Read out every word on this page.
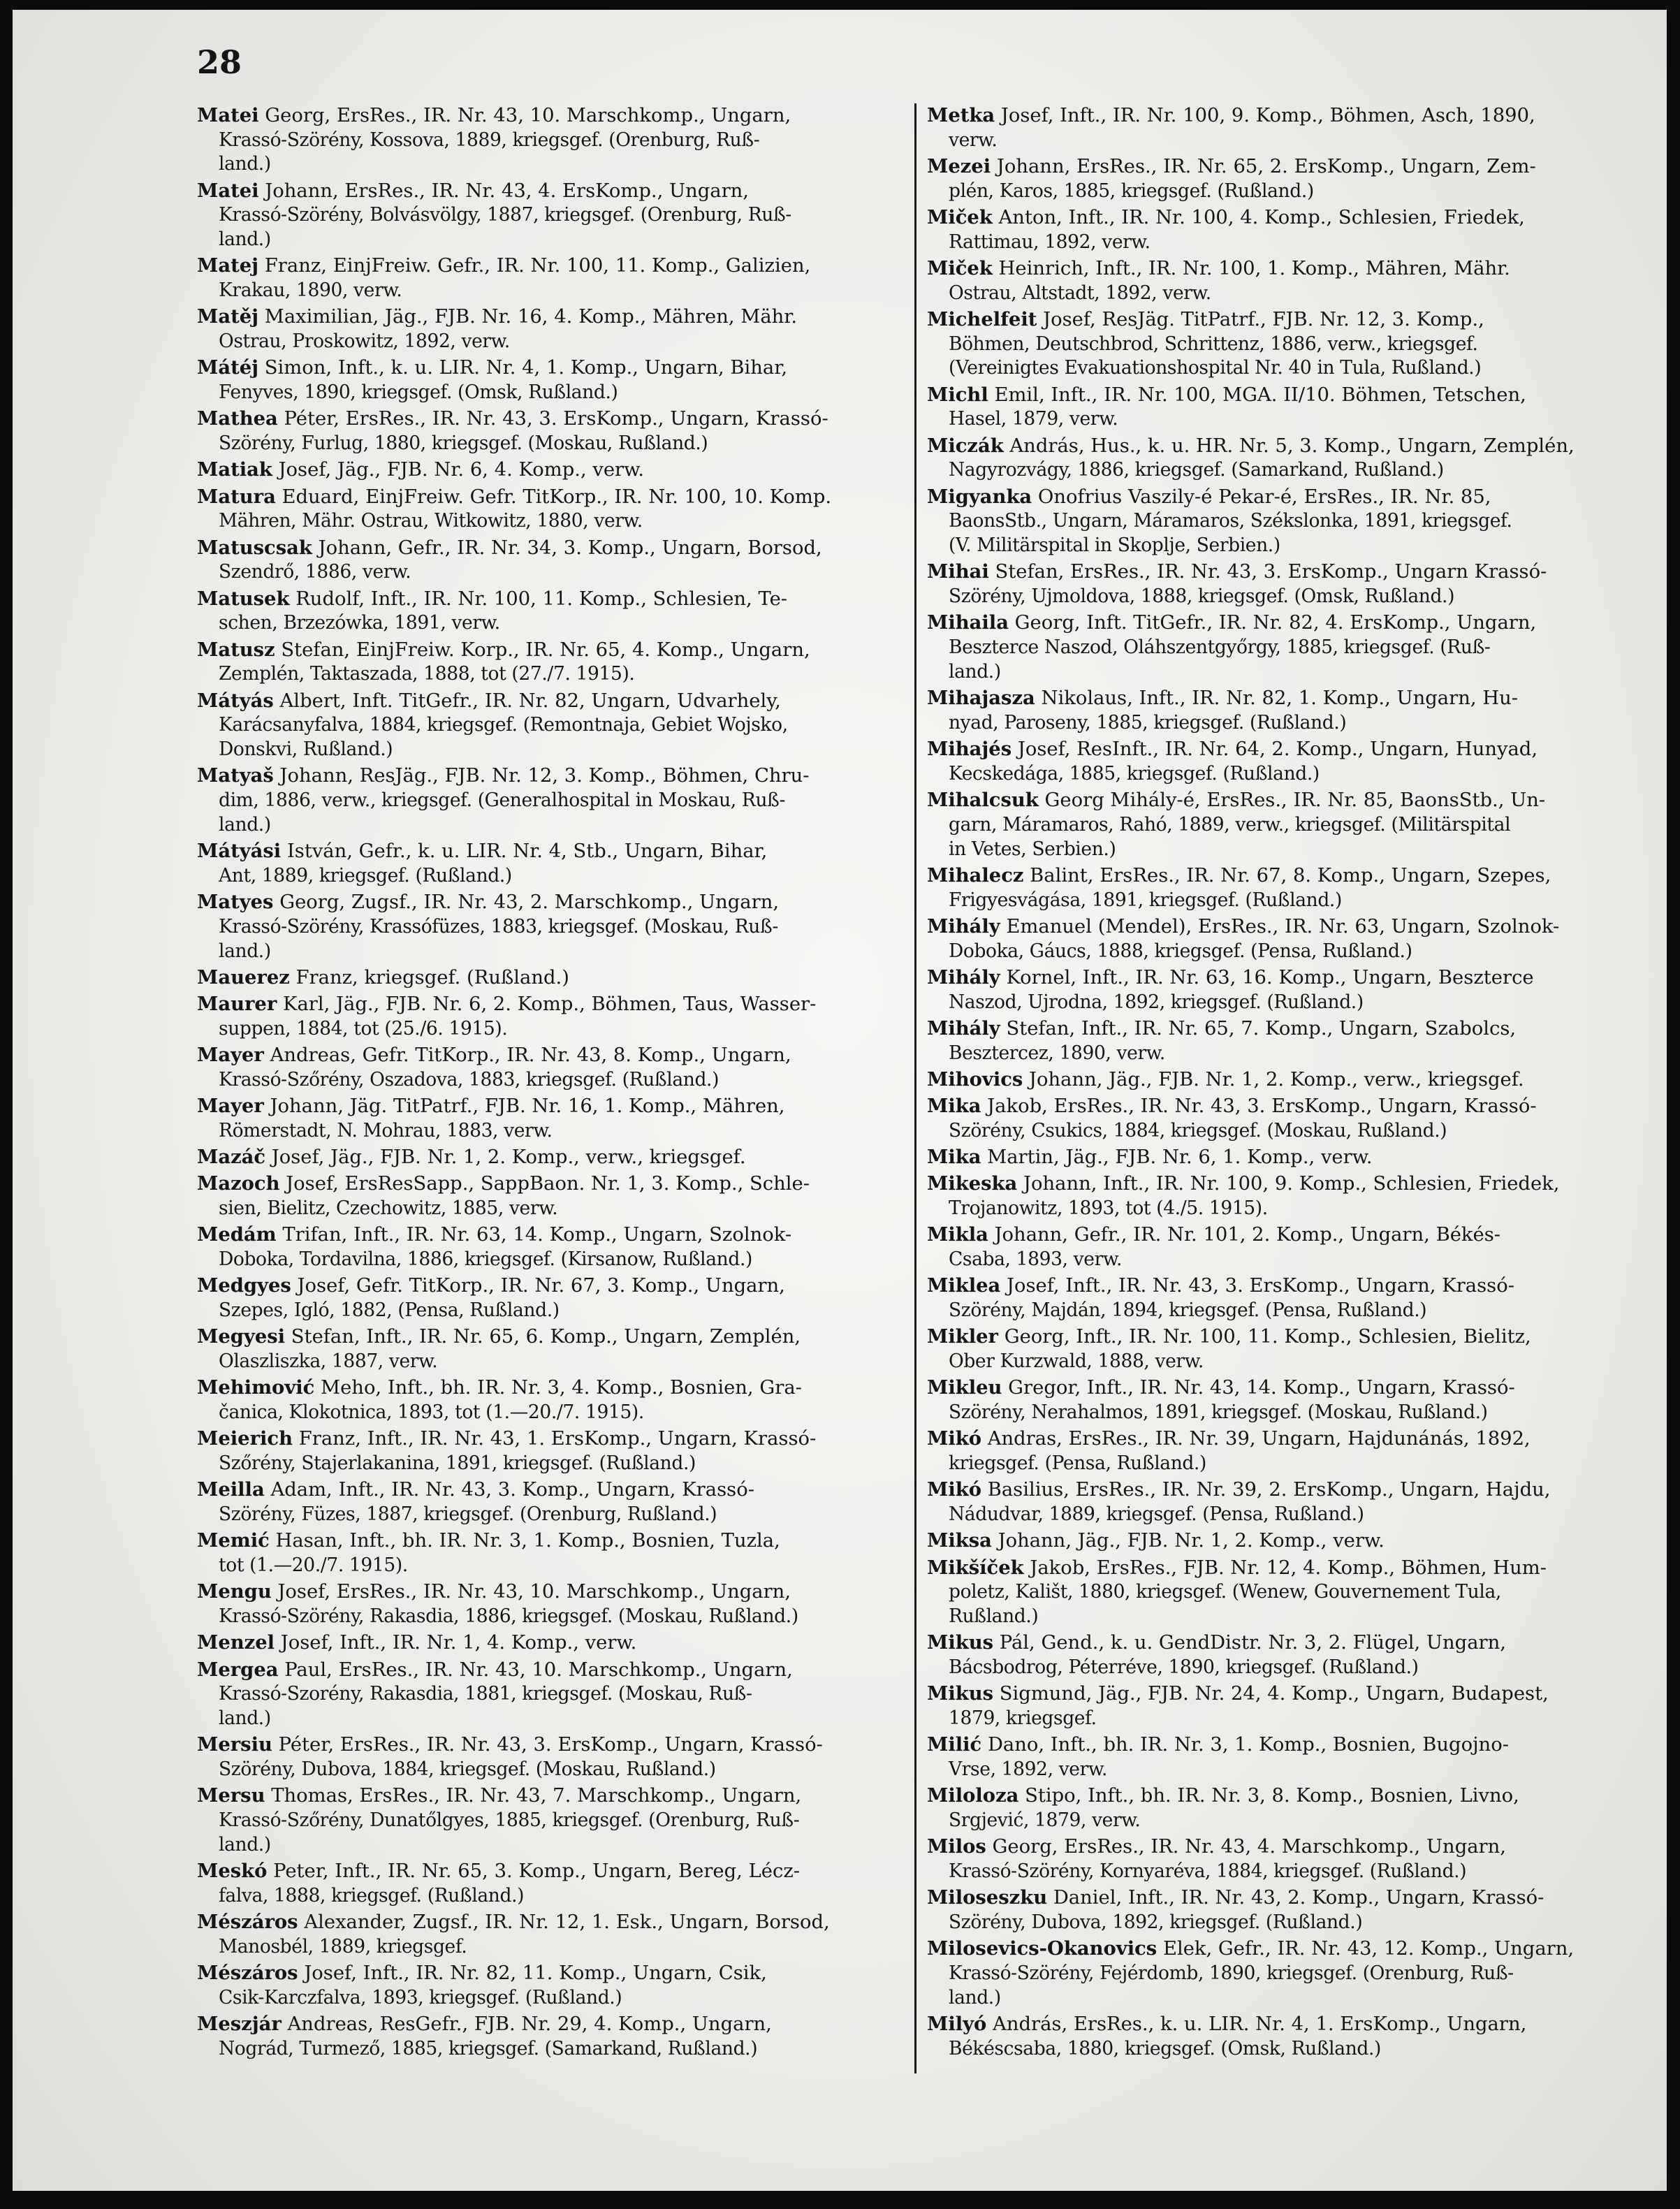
28
Matei Georg, ErsRes., IR. Nr. 43, 10. Marschkomp., Ungarn,
Krassó-Szörény, Kossova, 1889, kriegsgef. (Orenburg, Ruß-
land.)
Matei Johann, ErsRes., IR. Nr. 43, 4. ErsKomp., Ungarn,
Krassó-Szörény, Bolvásvölgy, 1887, kriegsgef. (Orenburg, Ruß-
land.)
Matej Franz, EinjFreiw. Gefr., IR. Nr. 100, 11. Komp., Galizien,
Krakau, 1890, verw.
Matěj Maximilian, Jäg., FJB. Nr. 16, 4. Komp., Mähren, Mähr.
Ostrau, Proskowitz, 1892, verw.
Mátéj Simon, Inft., k. u. LIR. Nr. 4, 1. Komp., Ungarn, Bihar,
Fenyves, 1890, kriegsgef. (Omsk, Rußland.)
Mathea Péter, ErsRes., IR. Nr. 43, 3. ErsKomp., Ungarn, Krassó-
Szörény, Furlug, 1880, kriegsgef. (Moskau, Rußland.)
Matiak Josef, Jäg., FJB. Nr. 6, 4. Komp., verw.
Matura Eduard, EinjFreiw. Gefr. TitKorp., IR. Nr. 100, 10. Komp.
Mähren, Mähr. Ostrau, Witkowitz, 1880, verw.
Matuscsak Johann, Gefr., IR. Nr. 34, 3. Komp., Ungarn, Borsod,
Szendrő, 1886, verw.
Matusek Rudolf, Inft., IR. Nr. 100, 11. Komp., Schlesien, Te-
schen, Brzezówka, 1891, verw.
Matusz Stefan, EinjFreiw. Korp., IR. Nr. 65, 4. Komp., Ungarn,
Zemplén, Taktaszada, 1888, tot (27./7. 1915).
Mátyás Albert, Inft. TitGefr., IR. Nr. 82, Ungarn, Udvarhely,
Karácsanyfalva, 1884, kriegsgef. (Remontnaja, Gebiet Wojsko,
Donskvi, Rußland.)
Matyaš Johann, ResJäg., FJB. Nr. 12, 3. Komp., Böhmen, Chru-
dim, 1886, verw., kriegsgef. (Generalhospital in Moskau, Ruß-
land.)
Mátyási István, Gefr., k. u. LIR. Nr. 4, Stb., Ungarn, Bihar,
Ant, 1889, kriegsgef. (Rußland.)
Matyes Georg, Zugsf., IR. Nr. 43, 2. Marschkomp., Ungarn,
Krassó-Szörény, Krassófüzes, 1883, kriegsgef. (Moskau, Ruß-
land.)
Mauerez Franz, kriegsgef. (Rußland.)
Maurer Karl, Jäg., FJB. Nr. 6, 2. Komp., Böhmen, Taus, Wasser-
suppen, 1884, tot (25./6. 1915).
Mayer Andreas, Gefr. TitKorp., IR. Nr. 43, 8. Komp., Ungarn,
Krassó-Szőrény, Oszadova, 1883, kriegsgef. (Rußland.)
Mayer Johann, Jäg. TitPatrf., FJB. Nr. 16, 1. Komp., Mähren,
Römerstadt, N. Mohrau, 1883, verw.
Mazáč Josef, Jäg., FJB. Nr. 1, 2. Komp., verw., kriegsgef.
Mazoch Josef, ErsResSapp., SappBaon. Nr. 1, 3. Komp., Schle-
sien, Bielitz, Czechowitz, 1885, verw.
Medám Trifan, Inft., IR. Nr. 63, 14. Komp., Ungarn, Szolnok-
Doboka, Tordavilna, 1886, kriegsgef. (Kirsanow, Rußland.)
Medgyes Josef, Gefr. TitKorp., IR. Nr. 67, 3. Komp., Ungarn,
Szepes, Igló, 1882, (Pensa, Rußland.)
Megyesi Stefan, Inft., IR. Nr. 65, 6. Komp., Ungarn, Zemplén,
Olaszliszka, 1887, verw.
Mehimović Meho, Inft., bh. IR. Nr. 3, 4. Komp., Bosnien, Gra-
čanica, Klokotnica, 1893, tot (1.—20./7. 1915).
Meierich Franz, Inft., IR. Nr. 43, 1. ErsKomp., Ungarn, Krassó-
Szőrény, Stajerlakanina, 1891, kriegsgef. (Rußland.)
Meilla Adam, Inft., IR. Nr. 43, 3. Komp., Ungarn, Krassó-
Szörény, Füzes, 1887, kriegsgef. (Orenburg, Rußland.)
Memić Hasan, Inft., bh. IR. Nr. 3, 1. Komp., Bosnien, Tuzla,
tot (1.—20./7. 1915).
Mengu Josef, ErsRes., IR. Nr. 43, 10. Marschkomp., Ungarn,
Krassó-Szörény, Rakasdia, 1886, kriegsgef. (Moskau, Rußland.)
Menzel Josef, Inft., IR. Nr. 1, 4. Komp., verw.
Mergea Paul, ErsRes., IR. Nr. 43, 10. Marschkomp., Ungarn,
Krassó-Szorény, Rakasdia, 1881, kriegsgef. (Moskau, Ruß-
land.)
Mersiu Péter, ErsRes., IR. Nr. 43, 3. ErsKomp., Ungarn, Krassó-
Szörény, Dubova, 1884, kriegsgef. (Moskau, Rußland.)
Mersu Thomas, ErsRes., IR. Nr. 43, 7. Marschkomp., Ungarn,
Krassó-Szőrény, Dunatőlgyes, 1885, kriegsgef. (Orenburg, Ruß-
land.)
Meskó Peter, Inft., IR. Nr. 65, 3. Komp., Ungarn, Bereg, Lécz-
falva, 1888, kriegsgef. (Rußland.)
Mészáros Alexander, Zugsf., IR. Nr. 12, 1. Esk., Ungarn, Borsod,
Manosbél, 1889, kriegsgef.
Mészáros Josef, Inft., IR. Nr. 82, 11. Komp., Ungarn, Csik,
Csik-Karczfalva, 1893, kriegsgef. (Rußland.)
Meszjár Andreas, ResGefr., FJB. Nr. 29, 4. Komp., Ungarn,
Nográd, Turmező, 1885, kriegsgef. (Samarkand, Rußland.)
Metka Josef, Inft., IR. Nr. 100, 9. Komp., Böhmen, Asch, 1890,
verw.
Mezei Johann, ErsRes., IR. Nr. 65, 2. ErsKomp., Ungarn, Zem-
plén, Karos, 1885, kriegsgef. (Rußland.)
Miček Anton, Inft., IR. Nr. 100, 4. Komp., Schlesien, Friedek,
Rattimau, 1892, verw.
Miček Heinrich, Inft., IR. Nr. 100, 1. Komp., Mähren, Mähr.
Ostrau, Altstadt, 1892, verw.
Michelfeit Josef, ResJäg. TitPatrf., FJB. Nr. 12, 3. Komp.,
Böhmen, Deutschbrod, Schrittenz, 1886, verw., kriegsgef.
(Vereinigtes Evakuationshospital Nr. 40 in Tula, Rußland.)
Michl Emil, Inft., IR. Nr. 100, MGA. II/10. Böhmen, Tetschen,
Hasel, 1879, verw.
Miczák András, Hus., k. u. HR. Nr. 5, 3. Komp., Ungarn, Zemplén,
Nagyrozvágy, 1886, kriegsgef. (Samarkand, Rußland.)
Migyanka Onofrius Vaszily-é Pekar-é, ErsRes., IR. Nr. 85,
BaonsStb., Ungarn, Máramaros, Székslonka, 1891, kriegsgef.
(V. Militärspital in Skoplje, Serbien.)
Mihai Stefan, ErsRes., IR. Nr. 43, 3. ErsKomp., Ungarn Krassó-
Szörény, Ujmoldova, 1888, kriegsgef. (Omsk, Rußland.)
Mihaila Georg, Inft. TitGefr., IR. Nr. 82, 4. ErsKomp., Ungarn,
Beszterce Naszod, Oláhszentgyőrgy, 1885, kriegsgef. (Ruß-
land.)
Mihajasza Nikolaus, Inft., IR. Nr. 82, 1. Komp., Ungarn, Hu-
nyad, Paroseny, 1885, kriegsgef. (Rußland.)
Mihajés Josef, ResInft., IR. Nr. 64, 2. Komp., Ungarn, Hunyad,
Kecskedága, 1885, kriegsgef. (Rußland.)
Mihalcsuk Georg Mihály-é, ErsRes., IR. Nr. 85, BaonsStb., Un-
garn, Máramaros, Rahó, 1889, verw., kriegsgef. (Militärspital
in Vetes, Serbien.)
Mihalecz Balint, ErsRes., IR. Nr. 67, 8. Komp., Ungarn, Szepes,
Frigyesvágása, 1891, kriegsgef. (Rußland.)
Mihály Emanuel (Mendel), ErsRes., IR. Nr. 63, Ungarn, Szolnok-
Doboka, Gáucs, 1888, kriegsgef. (Pensa, Rußland.)
Mihály Kornel, Inft., IR. Nr. 63, 16. Komp., Ungarn, Beszterce
Naszod, Ujrodna, 1892, kriegsgef. (Rußland.)
Mihály Stefan, Inft., IR. Nr. 65, 7. Komp., Ungarn, Szabolcs,
Besztercez, 1890, verw.
Mihovics Johann, Jäg., FJB. Nr. 1, 2. Komp., verw., kriegsgef.
Mika Jakob, ErsRes., IR. Nr. 43, 3. ErsKomp., Ungarn, Krassó-
Szörény, Csukics, 1884, kriegsgef. (Moskau, Rußland.)
Mika Martin, Jäg., FJB. Nr. 6, 1. Komp., verw.
Mikeska Johann, Inft., IR. Nr. 100, 9. Komp., Schlesien, Friedek,
Trojanowitz, 1893, tot (4./5. 1915).
Mikla Johann, Gefr., IR. Nr. 101, 2. Komp., Ungarn, Békés-
Csaba, 1893, verw.
Miklea Josef, Inft., IR. Nr. 43, 3. ErsKomp., Ungarn, Krassó-
Szörény, Majdán, 1894, kriegsgef. (Pensa, Rußland.)
Mikler Georg, Inft., IR. Nr. 100, 11. Komp., Schlesien, Bielitz,
Ober Kurzwald, 1888, verw.
Mikleu Gregor, Inft., IR. Nr. 43, 14. Komp., Ungarn, Krassó-
Szörény, Nerahalmos, 1891, kriegsgef. (Moskau, Rußland.)
Mikó Andras, ErsRes., IR. Nr. 39, Ungarn, Hajdunánás, 1892,
kriegsgef. (Pensa, Rußland.)
Mikó Basilius, ErsRes., IR. Nr. 39, 2. ErsKomp., Ungarn, Hajdu,
Nádudvar, 1889, kriegsgef. (Pensa, Rußland.)
Miksa Johann, Jäg., FJB. Nr. 1, 2. Komp., verw.
Mikšíček Jakob, ErsRes., FJB. Nr. 12, 4. Komp., Böhmen, Hum-
poletz, Kališt, 1880, kriegsgef. (Wenew, Gouvernement Tula,
Rußland.)
Mikus Pál, Gend., k. u. GendDistr. Nr. 3, 2. Flügel, Ungarn,
Bácsbodrog, Péterréve, 1890, kriegsgef. (Rußland.)
Mikus Sigmund, Jäg., FJB. Nr. 24, 4. Komp., Ungarn, Budapest,
1879, kriegsgef.
Milić Dano, Inft., bh. IR. Nr. 3, 1. Komp., Bosnien, Bugojno-
Vrse, 1892, verw.
Miloloza Stipo, Inft., bh. IR. Nr. 3, 8. Komp., Bosnien, Livno,
Srgjević, 1879, verw.
Milos Georg, ErsRes., IR. Nr. 43, 4. Marschkomp., Ungarn,
Krassó-Szörény, Kornyaréva, 1884, kriegsgef. (Rußland.)
Miloseszku Daniel, Inft., IR. Nr. 43, 2. Komp., Ungarn, Krassó-
Szörény, Dubova, 1892, kriegsgef. (Rußland.)
Milosevics-Okanovics Elek, Gefr., IR. Nr. 43, 12. Komp., Ungarn,
Krassó-Szörény, Fejérdomb, 1890, kriegsgef. (Orenburg, Ruß-
land.)
Milyó András, ErsRes., k. u. LIR. Nr. 4, 1. ErsKomp., Ungarn,
Békéscsaba, 1880, kriegsgef. (Omsk, Rußland.)
